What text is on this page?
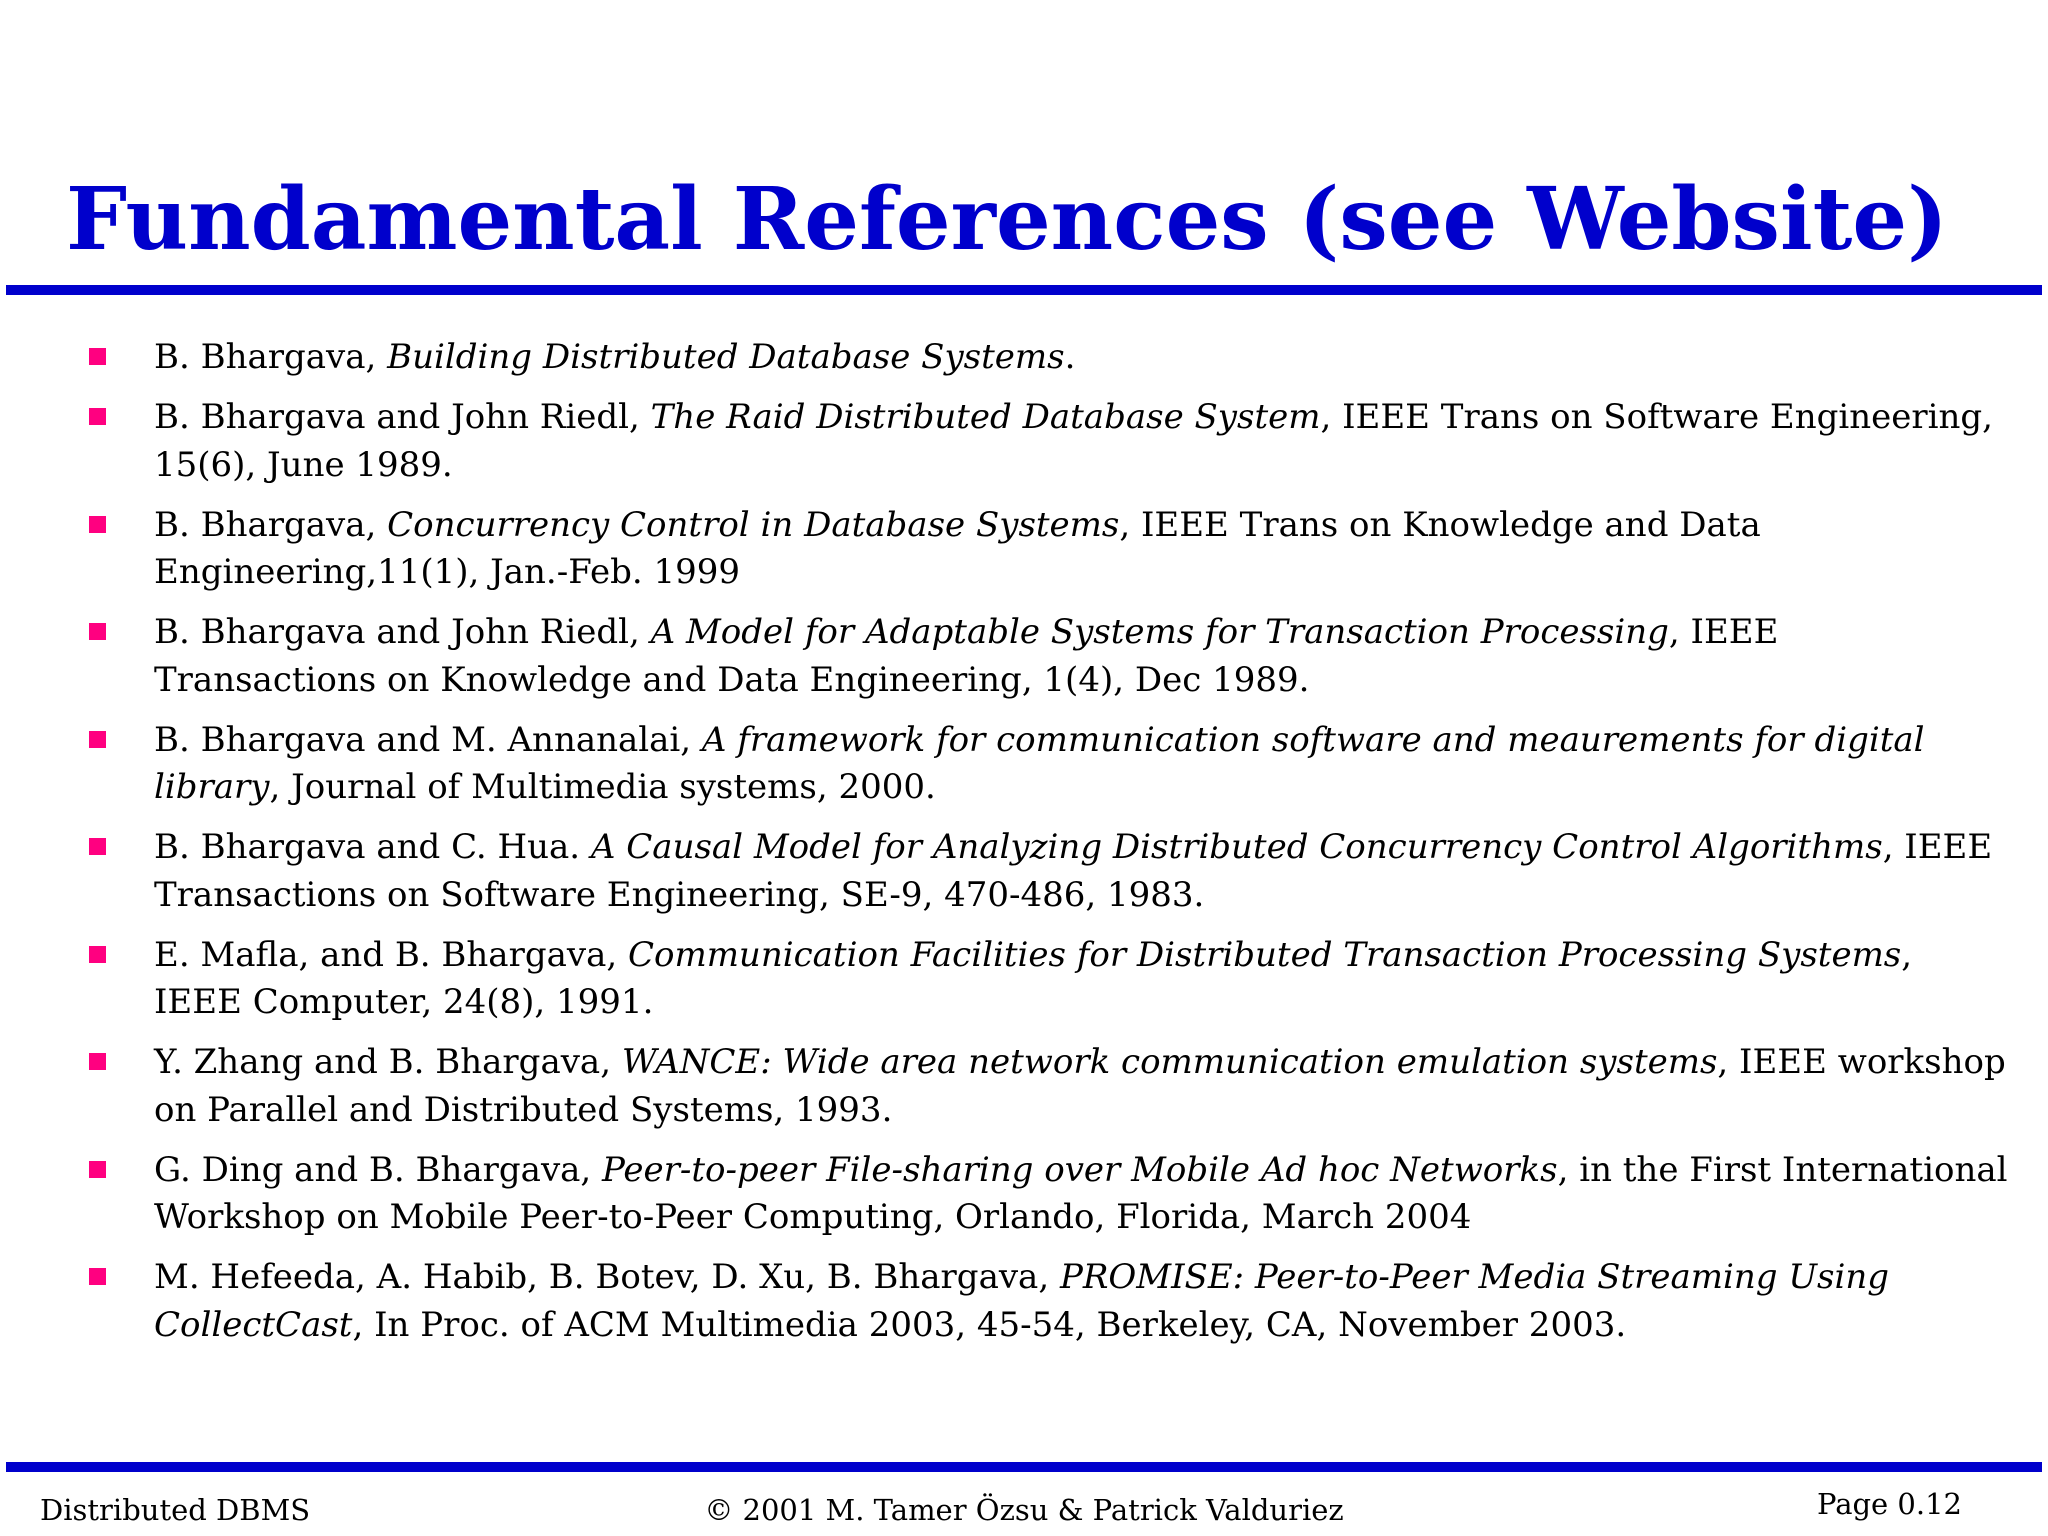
Fundamental References (see Website)
B. Bhargava, Building Distributed Database Systems.
B. Bhargava and John Riedl, The Raid Distributed Database System, IEEE Trans on Software Engineering, 15(6), June 1989.
B. Bhargava, Concurrency Control in Database Systems, IEEE Trans on Knowledge and Data Engineering,11(1), Jan.-Feb. 1999
B. Bhargava and John Riedl, A Model for Adaptable Systems for Transaction Processing, IEEE Transactions on Knowledge and Data Engineering, 1(4), Dec 1989.
B. Bhargava and M. Annanalai, A framework for communication software and meaurements for digital library, Journal of Multimedia systems, 2000.
B. Bhargava and C. Hua. A Causal Model for Analyzing Distributed Concurrency Control Algorithms, IEEE Transactions on Software Engineering, SE-9, 470-486, 1983.
E. Mafla, and B. Bhargava, Communication Facilities for Distributed Transaction Processing Systems, IEEE Computer, 24(8), 1991.
Y. Zhang and B. Bhargava, WANCE: Wide area network communication emulation systems, IEEE workshop on Parallel and Distributed Systems, 1993.
G. Ding and B. Bhargava, Peer-to-peer File-sharing over Mobile Ad hoc Networks, in the First International Workshop on Mobile Peer-to-Peer Computing, Orlando, Florida, March 2004
M. Hefeeda, A. Habib, B. Botev, D. Xu, B. Bhargava, PROMISE: Peer-to-Peer Media Streaming Using CollectCast, In Proc. of ACM Multimedia 2003, 45-54, Berkeley, CA, November 2003.
© 2001 M. Tamer Özsu & Patrick Valduriez
Distributed DBMS	Page 0.12
